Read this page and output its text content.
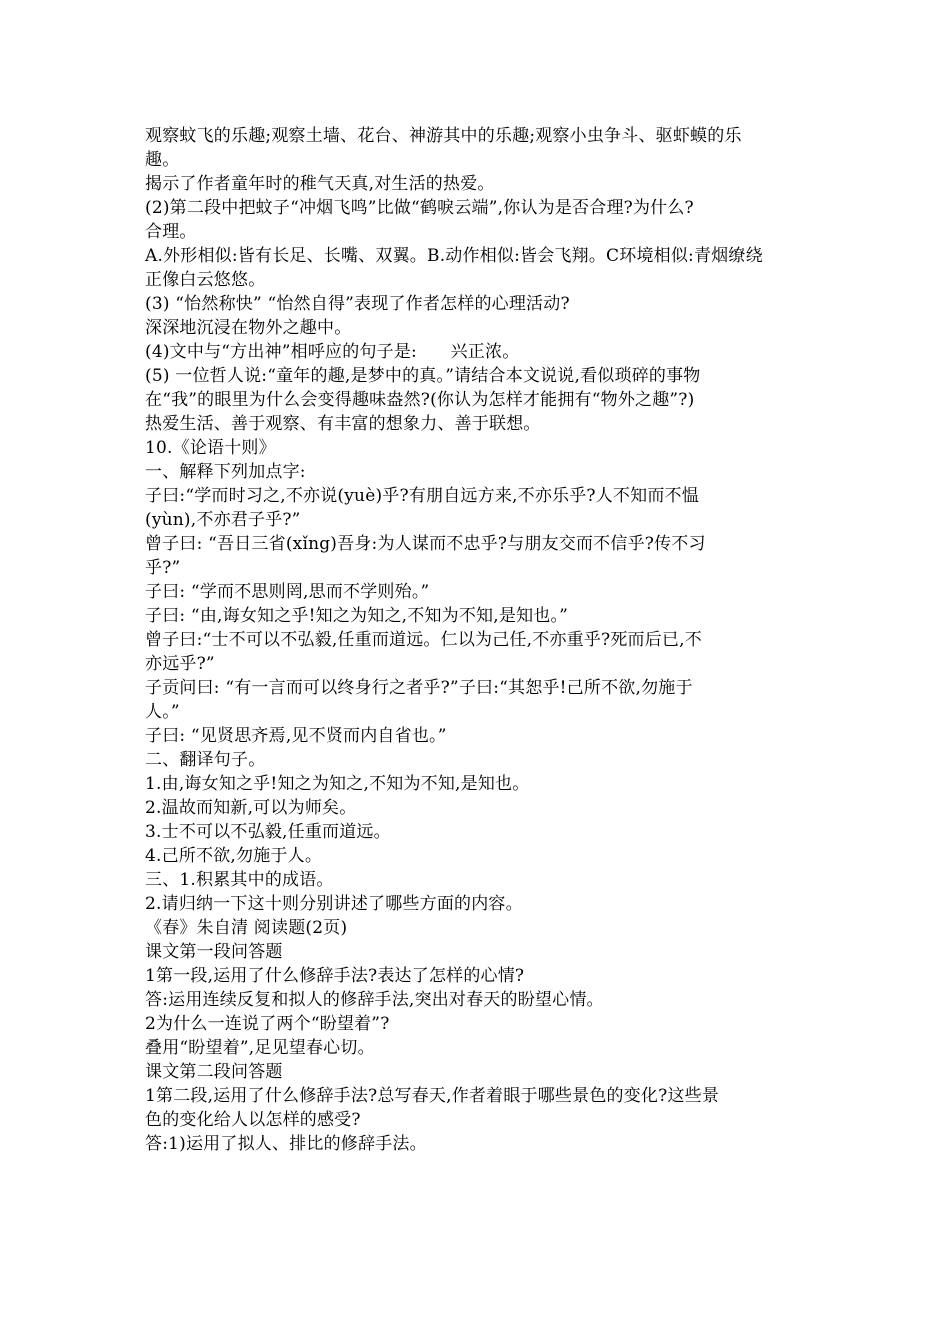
观察蚊飞的乐趣;观察土墙、花台、神游其中的乐趣;观察小虫争斗、驱虾蟆的乐

趣。

揭示了作者童年时的稚气天真,对生活的热爱。

(2)第二段中把蚊子“冲烟飞鸣”比做“鹤唳云端”,你认为是否合理?为什么?

合理。

A.外形相似:皆有长足、长嘴、双翼。B.动作相似:皆会飞翔。C环境相似:青烟缭绕

正像白云悠悠。

(3) “怡然称快” “怡然自得”表现了作者怎样的心理活动?

深深地沉浸在物外之趣中。

(4)文中与“方出神”相呼应的句子是:      兴正浓。

(5) 一位哲人说:“童年的趣,是梦中的真。”请结合本文说说,看似琐碎的事物

在“我”的眼里为什么会变得趣味盎然?(你认为怎样才能拥有“物外之趣”?)

热爱生活、善于观察、有丰富的想象力、善于联想。

10.《论语十则》

一、解释下列加点字:

子曰:“学而时习之,不亦说(yuè)乎?有朋自远方来,不亦乐乎?人不知而不愠

(yùn),不亦君子乎?”

曾子曰: “吾日三省(xǐng)吾身:为人谋而不忠乎?与朋友交而不信乎?传不习

乎?”

子曰: “学而不思则罔,思而不学则殆。”

子曰: “由,诲女知之乎!知之为知之,不知为不知,是知也。”

曾子曰:“士不可以不弘毅,任重而道远。仁以为己任,不亦重乎?死而后已,不

亦远乎?”

子贡问曰: “有一言而可以终身行之者乎?”子曰:“其恕乎!己所不欲,勿施于

人。”

子曰: “见贤思齐焉,见不贤而内自省也。”

二、翻译句子。

1.由,诲女知之乎!知之为知之,不知为不知,是知也。

2.温故而知新,可以为师矣。

3.士不可以不弘毅,任重而道远。

4.己所不欲,勿施于人。

三、1.积累其中的成语。

2.请归纳一下这十则分别讲述了哪些方面的内容。

《春》朱自清 阅读题(2页)

课文第一段问答题

1第一段,运用了什么修辞手法?表达了怎样的心情?

答:运用连续反复和拟人的修辞手法,突出对春天的盼望心情。

2为什么一连说了两个“盼望着”?

叠用“盼望着”,足见望春心切。

课文第二段问答题

1第二段,运用了什么修辞手法?总写春天,作者着眼于哪些景色的变化?这些景

色的变化给人以怎样的感受?

答:1)运用了拟人、排比的修辞手法。
